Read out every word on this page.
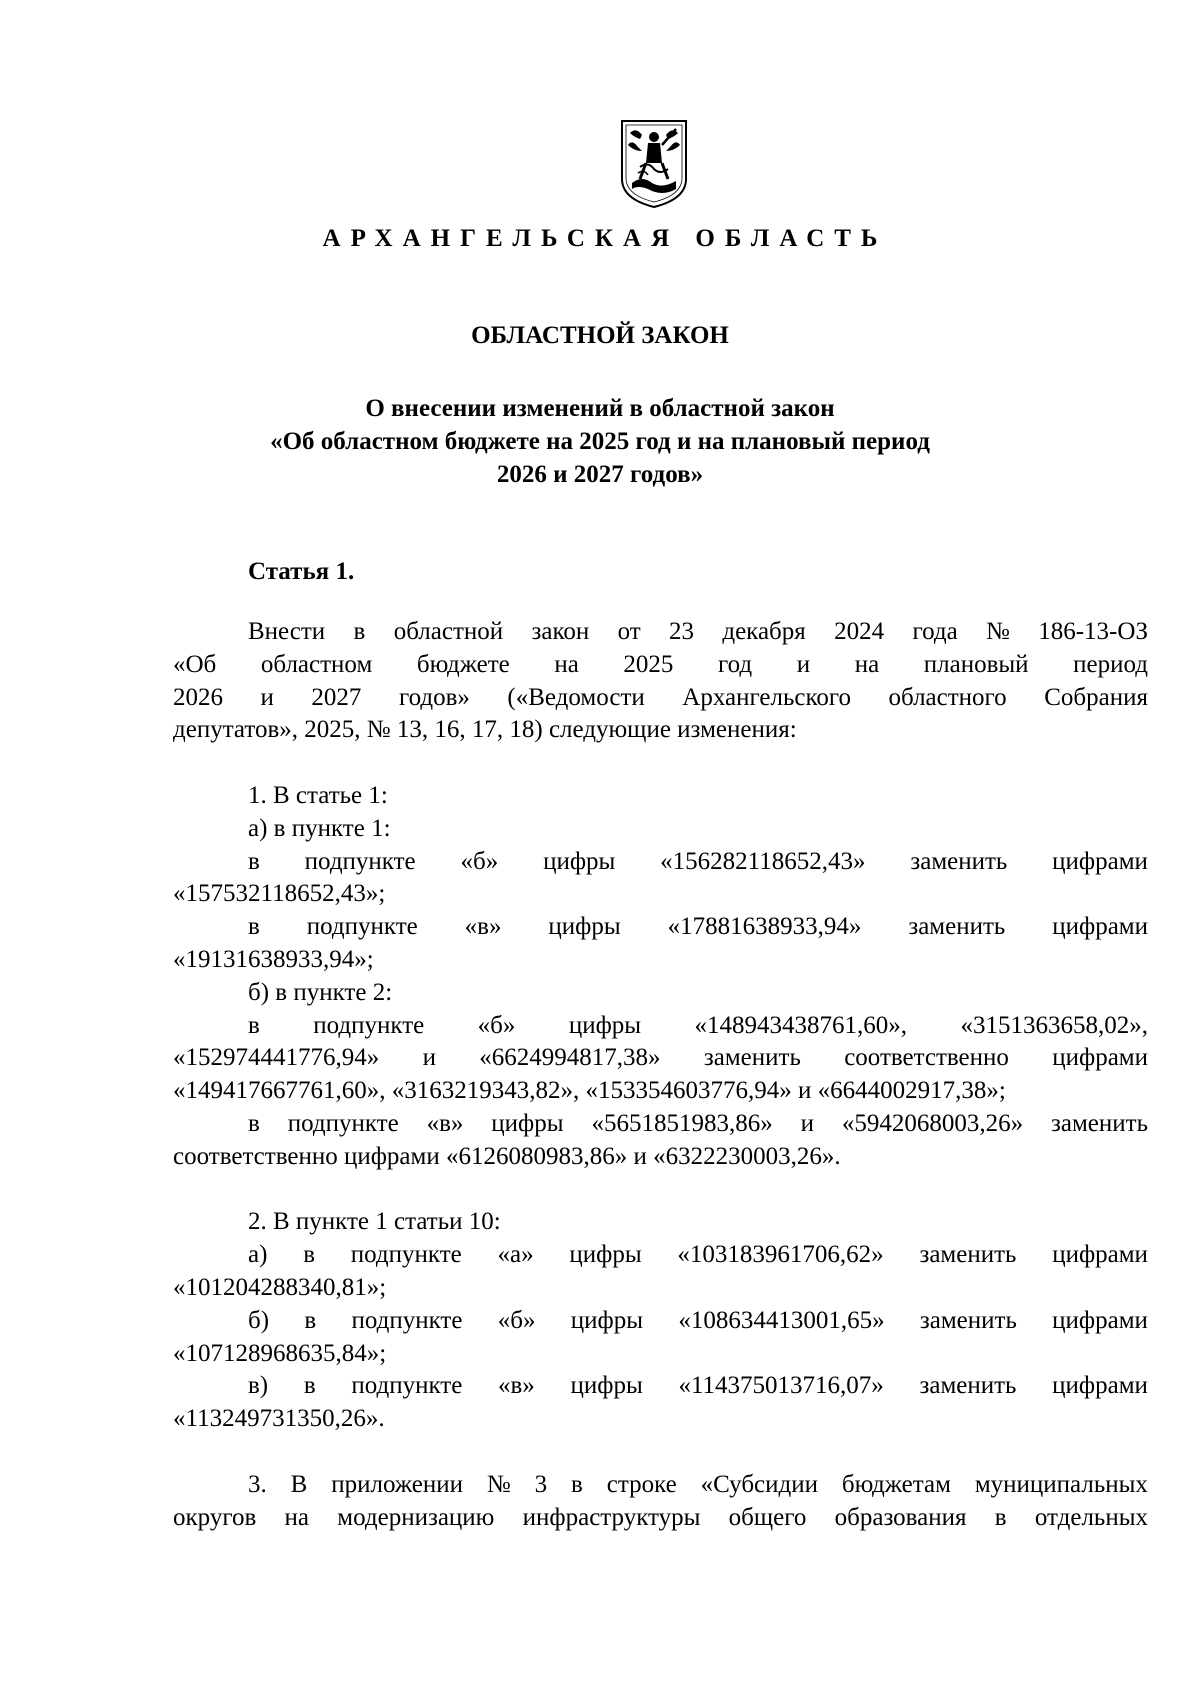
АРХАНГЕЛЬСКАЯ ОБЛАСТЬ
ОБЛАСТНОЙ ЗАКОН
О внесении изменений в областной закон
«Об областном бюджете на 2025 год и на плановый период
2026 и 2027 годов»
Статья 1.
Внести в областной закон от 23 декабря 2024 года № 186-13-ОЗ
«Об областном бюджете на 2025 год и на плановый период
2026 и 2027 годов» («Ведомости Архангельского областного Собрания
депутатов», 2025, № 13, 16, 17, 18) следующие изменения:
1. В статье 1:
а) в пункте 1:
в подпункте «б» цифры «156282118652,43» заменить цифрами
«157532118652,43»;
в подпункте «в» цифры «17881638933,94» заменить цифрами
«19131638933,94»;
б) в пункте 2:
в подпункте «б» цифры «148943438761,60», «3151363658,02»,
«152974441776,94» и «6624994817,38» заменить соответственно цифрами
«149417667761,60», «3163219343,82», «153354603776,94» и «6644002917,38»;
в подпункте «в» цифры «5651851983,86» и «5942068003,26» заменить
соответственно цифрами «6126080983,86» и «6322230003,26».
2. В пункте 1 статьи 10:
а) в подпункте «а» цифры «103183961706,62» заменить цифрами
«101204288340,81»;
б) в подпункте «б» цифры «108634413001,65» заменить цифрами
«107128968635,84»;
в) в подпункте «в» цифры «114375013716,07» заменить цифрами
«113249731350,26».
3. В приложении № 3 в строке «Субсидии бюджетам муниципальных
округов на модернизацию инфраструктуры общего образования в отдельных
